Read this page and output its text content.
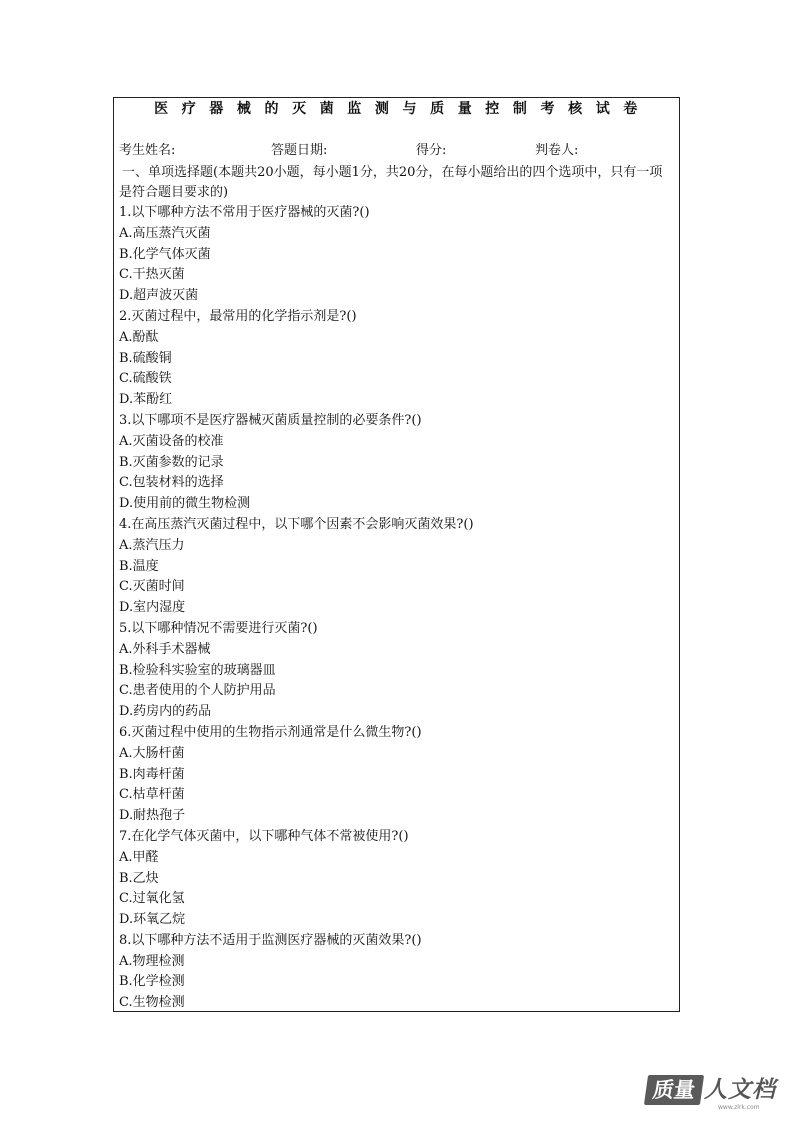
医疗器械的灭菌监测与质量控制考核试卷
考生姓名:	答题日期:	得分:	判卷人:
一、单项选择题(本题共20小题，每小题1分，共20分，在每小题给出的四个选项中，只有一项是符合题目要求的)
1.以下哪种方法不常用于医疗器械的灭菌?()
A.高压蒸汽灭菌
B.化学气体灭菌
C.干热灭菌
D.超声波灭菌
2.灭菌过程中，最常用的化学指示剂是?()
A.酚酞
B.硫酸铜
C.硫酸铁
D.苯酚红
3.以下哪项不是医疗器械灭菌质量控制的必要条件?()
A.灭菌设备的校准
B.灭菌参数的记录
C.包装材料的选择
D.使用前的微生物检测
4.在高压蒸汽灭菌过程中，以下哪个因素不会影响灭菌效果?()
A.蒸汽压力
B.温度
C.灭菌时间
D.室内湿度
5.以下哪种情况不需要进行灭菌?()
A.外科手术器械
B.检验科实验室的玻璃器皿
C.患者使用的个人防护用品
D.药房内的药品
6.灭菌过程中使用的生物指示剂通常是什么微生物?()
A.大肠杆菌
B.肉毒杆菌
C.枯草杆菌
D.耐热孢子
7.在化学气体灭菌中，以下哪种气体不常被使用?()
A.甲醛
B.乙炔
C.过氧化氢
D.环氧乙烷
8.以下哪种方法不适用于监测医疗器械的灭菌效果?()
A.物理检测
B.化学检测
C.生物检测
质量 人文档
www.zlrk.com
